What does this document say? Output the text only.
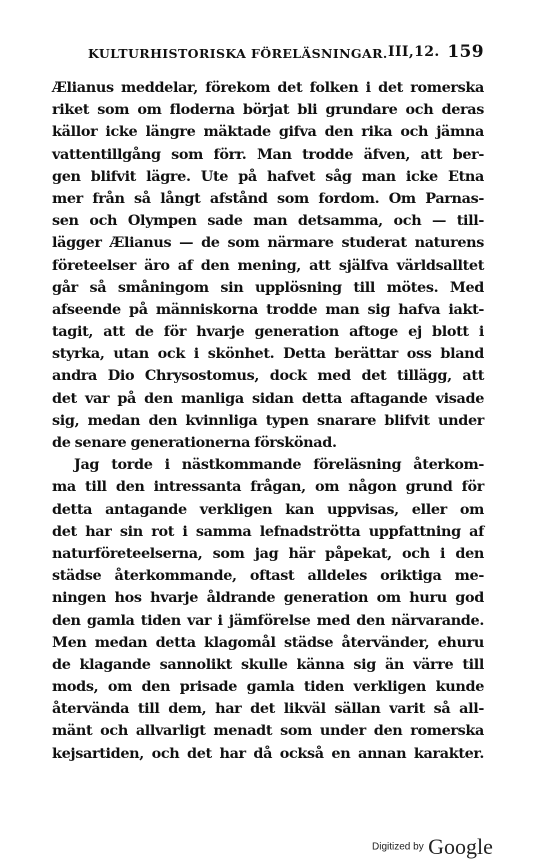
KULTURHISTORISKA FÖRELÄSNINGAR. III,12. 159
Ælianus meddelar, förekom det folken i det romerska
riket som om floderna börjat bli grundare och deras
källor icke längre mäktade gifva den rika och jämna
vattentillgång som förr. Man trodde äfven, att ber-
gen blifvit lägre. Ute på hafvet såg man icke Etna
mer från så långt afstånd som fordom. Om Parnas-
sen och Olympen sade man detsamma, och — till-
lägger Ælianus — de som närmare studerat naturens
företeelser äro af den mening, att själfva världsalltet
går så småningom sin upplösning till mötes. Med
afseende på människorna trodde man sig hafva iakt-
tagit, att de för hvarje generation aftoge ej blott i
styrka, utan ock i skönhet. Detta berättar oss bland
andra Dio Chrysostomus, dock med det tillägg, att
det var på den manliga sidan detta aftagande visade
sig, medan den kvinnliga typen snarare blifvit under
de senare generationerna förskönad.
Jag torde i nästkommande föreläsning återkom-
ma till den intressanta frågan, om någon grund för
detta antagande verkligen kan uppvisas, eller om
det har sin rot i samma lefnadströtta uppfattning af
naturföreteelserna, som jag här påpekat, och i den
städse återkommande, oftast alldeles oriktiga me-
ningen hos hvarje åldrande generation om huru god
den gamla tiden var i jämförelse med den närvarande.
Men medan detta klagomål städse återvänder, ehuru
de klagande sannolikt skulle känna sig än värre till
mods, om den prisade gamla tiden verkligen kunde
återvända till dem, har det likväl sällan varit så all-
mänt och allvarligt menadt som under den romerska
kejsartiden, och det har då också en annan karakter.
Digitized by Google
